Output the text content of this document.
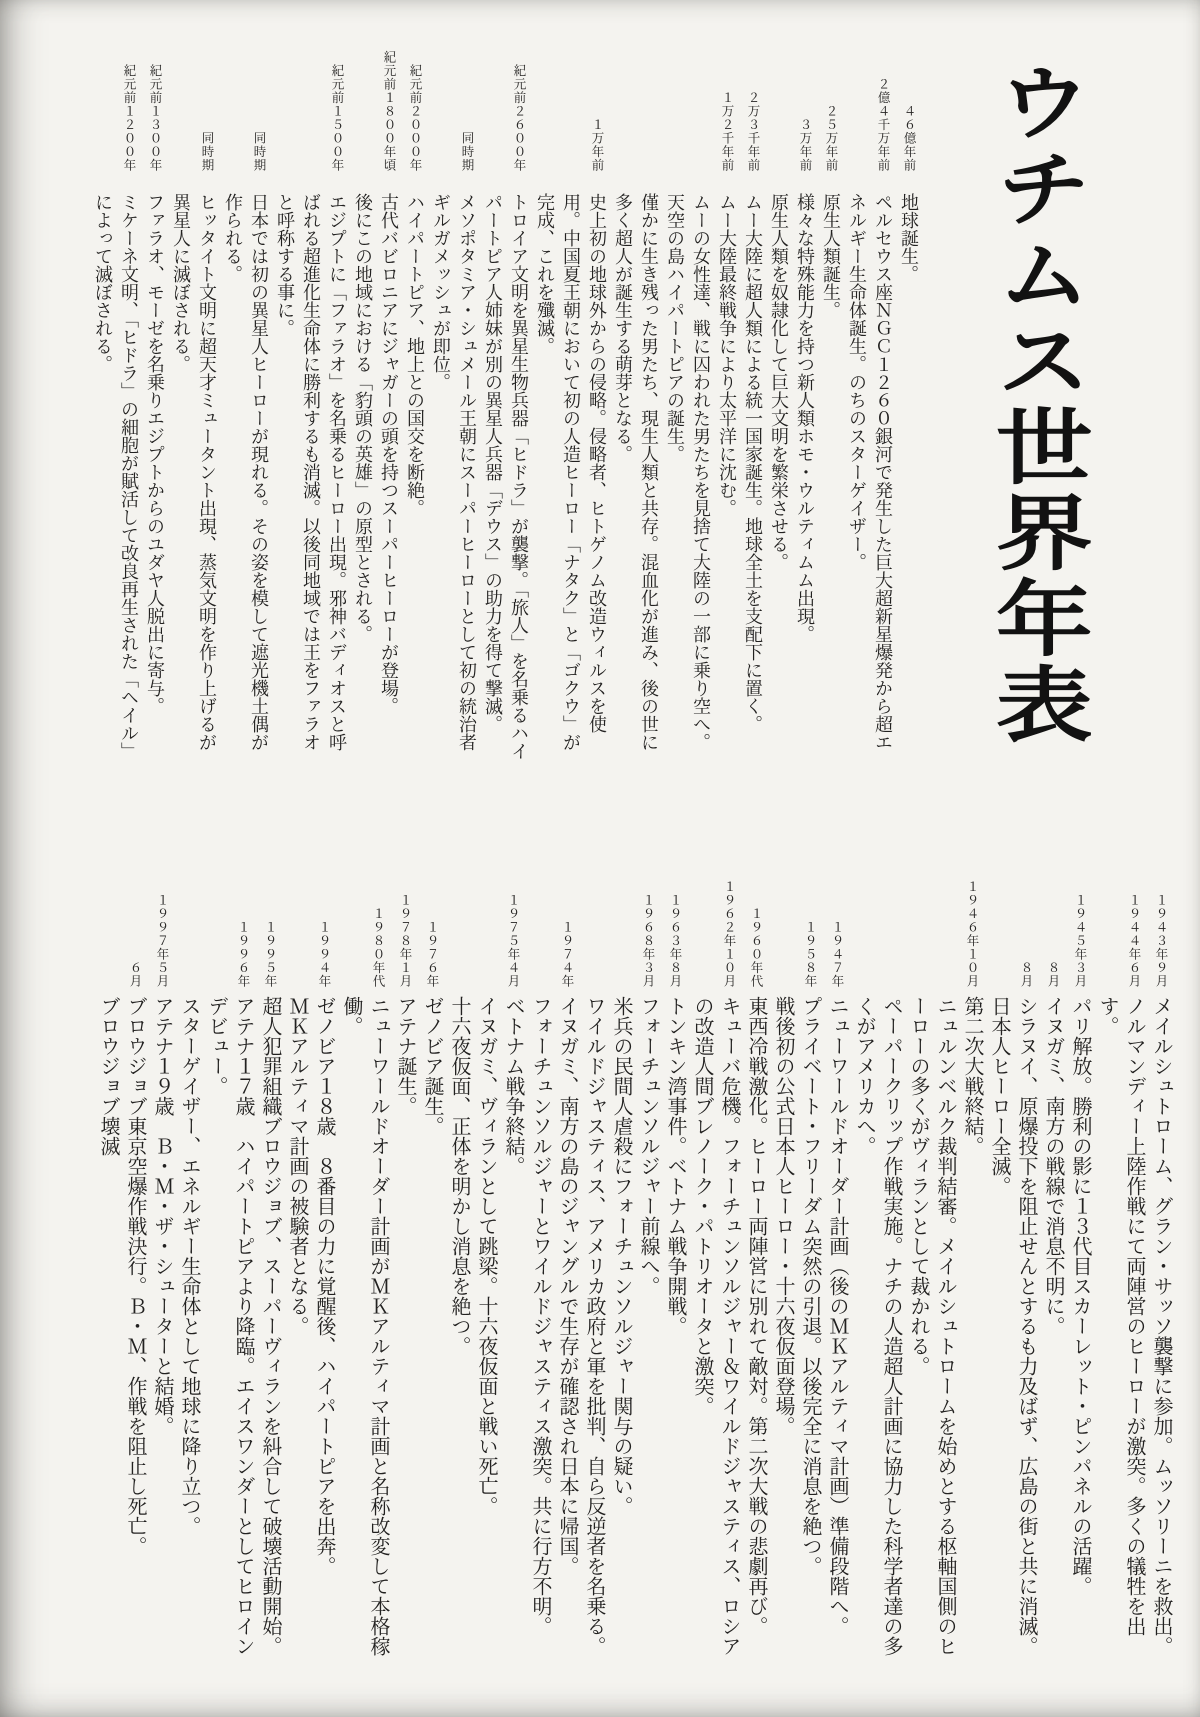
ウチムス世界年表
４６億年前

地球誕生。

２億４千万年前

ペルセウス座ＮＧＣ１２６０銀河で発生した巨大超新星爆発から超エネルギー生命体誕生。のちのスターゲイザー。

２５万年前

原生人類誕生。

３万年前

様々な特殊能力を持つ新人類ホモ・ウルティムム出現。

原生人類を奴隷化して巨大文明を繁栄させる。

２万３千年前

ムー大陸に超人類による統一国家誕生。地球全土を支配下に置く。

１万２千年前

ムー大陸最終戦争により太平洋に沈む。

ムーの女性達、戦に囚われた男たちを見捨て大陸の一部に乗り空へ。

天空の島ハイパートピアの誕生。

僅かに生き残った男たち、現生人類と共存。混血化が進み、後の世に多く超人が誕生する萌芽となる。

１万年前

史上初の地球外からの侵略。侵略者、ヒトゲノム改造ウィルスを使用。中国夏王朝において初の人造ヒーロー「ナタク」と「ゴクウ」が完成、これを殲滅。

紀元前２６００年

トロイア文明を異星生物兵器「ヒドラ」が襲撃。「旅人」を名乗るハイパートピア人姉妹が別の異星人兵器「デウス」の助力を得て撃滅。

同時期

メソポタミア・シュメール王朝にスーパーヒーローとして初の統治者ギルガメッシュが即位。

紀元前２０００年

ハイパートピア、地上との国交を断絶。

紀元前１８００年頃

古代バビロニアにジャガーの頭を持つスーパーヒーローが登場。

後にこの地域における「豹頭の英雄」の原型とされる。

紀元前１５００年

エジプトに「ファラオ」を名乗るヒーロー出現。邪神バディオスと呼ばれる超進化生命体に勝利するも消滅。以後同地域では王をファラオと呼称する事に。

同時期

日本では初の異星人ヒーローが現れる。その姿を模して遮光機土偶が作られる。

同時期

ヒッタイト文明に超天才ミュータント出現、蒸気文明を作り上げるが異星人に滅ぼされる。

紀元前１３００年

ファラオ、モーゼを名乗りエジプトからのユダヤ人脱出に寄与。

紀元前１２００年

ミケーネ文明、「ヒドラ」の細胞が賦活して改良再生された「ヘイル」によって滅ぼされる。

１９４３年９月

メイルシュトローム、グラン・サッソ襲撃に参加。ムッソリーニを救出。

１９４４年６月

ノルマンディー上陸作戦にて両陣営のヒーローが激突。多くの犠牲を出す。

１９４５年３月

パリ解放。勝利の影に１３代目スカーレット・ピンパネルの活躍。

８月

イヌガミ、南方の戦線で消息不明に。

８月

シラヌイ、原爆投下を阻止せんとするも力及ばず、広島の街と共に消滅。日本人ヒーロー全滅。

１９４６年１０月

第二次大戦終結。

ニュルンベルク裁判結審。メイルシュトロームを始めとする枢軸国側のヒーローの多くがヴィランとして裁かれる。

ペーパークリップ作戦実施。ナチの人造超人計画に協力した科学者達の多くがアメリカへ。

１９４７年

ニューワールドオーダー計画（後のＭＫアルティマ計画）準備段階へ。

１９５８年

プライベート・フリーダム突然の引退。以後完全に消息を絶つ。

戦後初の公式日本人ヒーロー・十六夜仮面登場。

１９６０年代

東西冷戦激化。ヒーロー両陣営に別れて敵対。第二次大戦の悲劇再び。

１９６２年１０月

キューバ危機。フォーチュンソルジャー＆ワイルドジャスティス、ロシアの改造人間ブレノーク・パトリオータと激突。

１９６３年８月

トンキン湾事件。ベトナム戦争開戦。

１９６８年３月

フォーチュンソルジャー前線へ。

米兵の民間人虐殺にフォーチュンソルジャー関与の疑い。

ワイルドジャスティス、アメリカ政府と軍を批判、自ら反逆者を名乗る。

１９７４年

イヌガミ、南方の島のジャングルで生存が確認され日本に帰国。

フォーチュンソルジャーとワイルドジャスティス激突。共に行方不明。

１９７５年４月

ベトナム戦争終結。

イヌガミ、ヴィランとして跳梁。十六夜仮面と戦い死亡。

十六夜仮面、正体を明かし消息を絶つ。

１９７６年

ゼノビア誕生。

１９７８年１月

アテナ誕生。

１９８０年代

ニューワールドオーダー計画がＭＫアルティマ計画と名称改変して本格稼働。

１９９４年

ゼノビア１８歳　８番目の力に覚醒後、ハイパートピアを出奔。

ＭＫアルティマ計画の被験者となる。

１９９５年

超人犯罪組織ブロウジョブ、スーパーヴィランを糾合して破壊活動開始。

１９９６年

アテナ１７歳　ハイパートピアより降臨。エイスワンダーとしてヒロインデビュー。

スターゲイザー、エネルギー生命体として地球に降り立つ。

１９９７年５月

アテナ１９歳　Ｂ・Ｍ・ザ・シューターと結婚。

６月

ブロウジョブ東京空爆作戦決行。Ｂ・Ｍ、作戦を阻止し死亡。

ブロウジョブ壊滅
